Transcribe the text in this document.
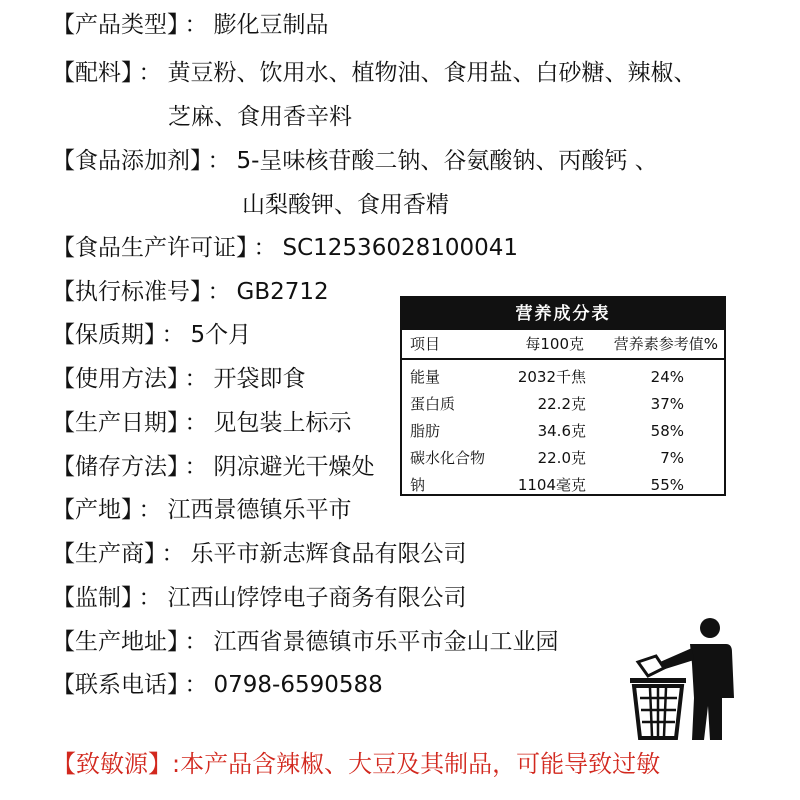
【产品类型】 ： 膨化豆制品
【配料】 ： 黄豆粉、饮用水、植物油、食用盐、白砂糖、辣椒、
芝麻、食用香辛料
【食品添加剂】 ： 5-呈味核苷酸二钠、谷氨酸钠、丙酸钙 、
山梨酸钾、食用香精
【食品生产许可证】 ： SC12536028100041
【执行标准号】 ： GB2712
【保质期】 ： 5个月
【使用方法】 ： 开袋即食
【生产日期】 ： 见包装上标示
【储存方法】 ： 阴凉避光干燥处
【产地】 ： 江西景德镇乐平市
【生产商】 ： 乐平市新志辉食品有限公司
【监制】 ： 江西山饽饽电子商务有限公司
【生产地址】 ： 江西省景德镇市乐平市金山工业园
【联系电话】 ： 0798-6590588
营养成分表
项目	每100克 营养素参考值%
能量	2032千焦	24%
蛋白质	22.2克	37%
脂肪	34.6克	58%
碳水化合物	22.0克	7%
钠	1104毫克	55%
【致敏源】:本产品含辣椒、大豆及其制品，可能导致过敏
